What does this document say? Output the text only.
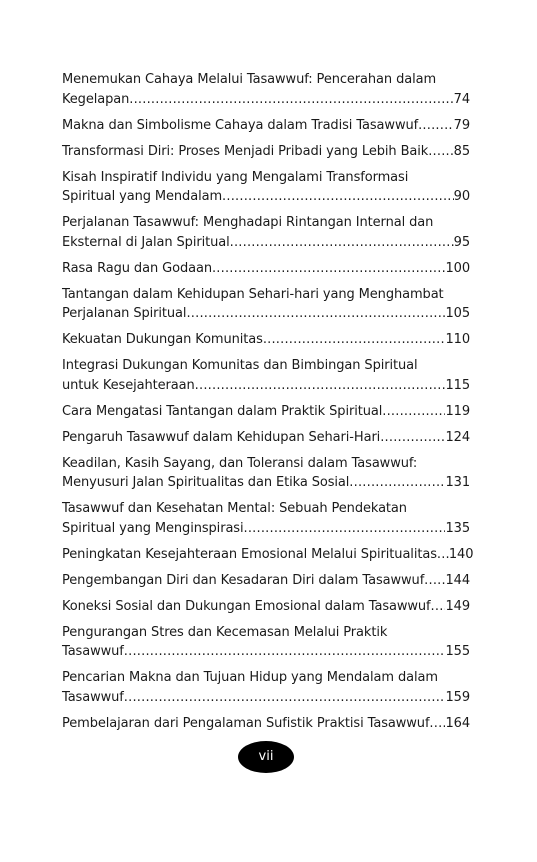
Menemukan Cahaya Melalui Tasawwuf: Pencerahan dalam
Kegelapan .....	74
Makna dan Simbolisme Cahaya dalam Tradisi Tasawwuf .....	79
Transformasi Diri: Proses Menjadi Pribadi yang Lebih Baik ..... 85
Kisah Inspiratif Individu yang Mengalami Transformasi
Spiritual yang Mendalam .....	90
Perjalanan Tasawwuf: Menghadapi Rintangan Internal dan
Eksternal di Jalan Spiritual .....	95
Rasa Ragu dan Godaan .....	100
Tantangan dalam Kehidupan Sehari-hari yang Menghambat
Perjalanan Spiritual .....	105
Kekuatan Dukungan Komunitas .....	110
Integrasi Dukungan Komunitas dan Bimbingan Spiritual
untuk Kesejahteraan .....	115
Cara Mengatasi Tantangan dalam Praktik Spiritual .....	119
Pengaruh Tasawwuf dalam Kehidupan Sehari-Hari .....	124
Keadilan, Kasih Sayang, dan Toleransi dalam Tasawwuf:
Menyusuri Jalan Spiritualitas dan Etika Sosial .....	131
Tasawwuf dan Kesehatan Mental: Sebuah Pendekatan
Spiritual yang Menginspirasi .....	135
Peningkatan Kesejahteraan Emosional Melalui Spiritualitas ..... 140
Pengembangan Diri dan Kesadaran Diri dalam Tasawwuf ..... 144
Koneksi Sosial dan Dukungan Emosional dalam Tasawwuf ..... 149
Pengurangan Stres dan Kecemasan Melalui Praktik
Tasawwuf .....	155
Pencarian Makna dan Tujuan Hidup yang Mendalam dalam
Tasawwuf .....	159
Pembelajaran dari Pengalaman Sufistik Praktisi Tasawwuf ..... 164
vii
